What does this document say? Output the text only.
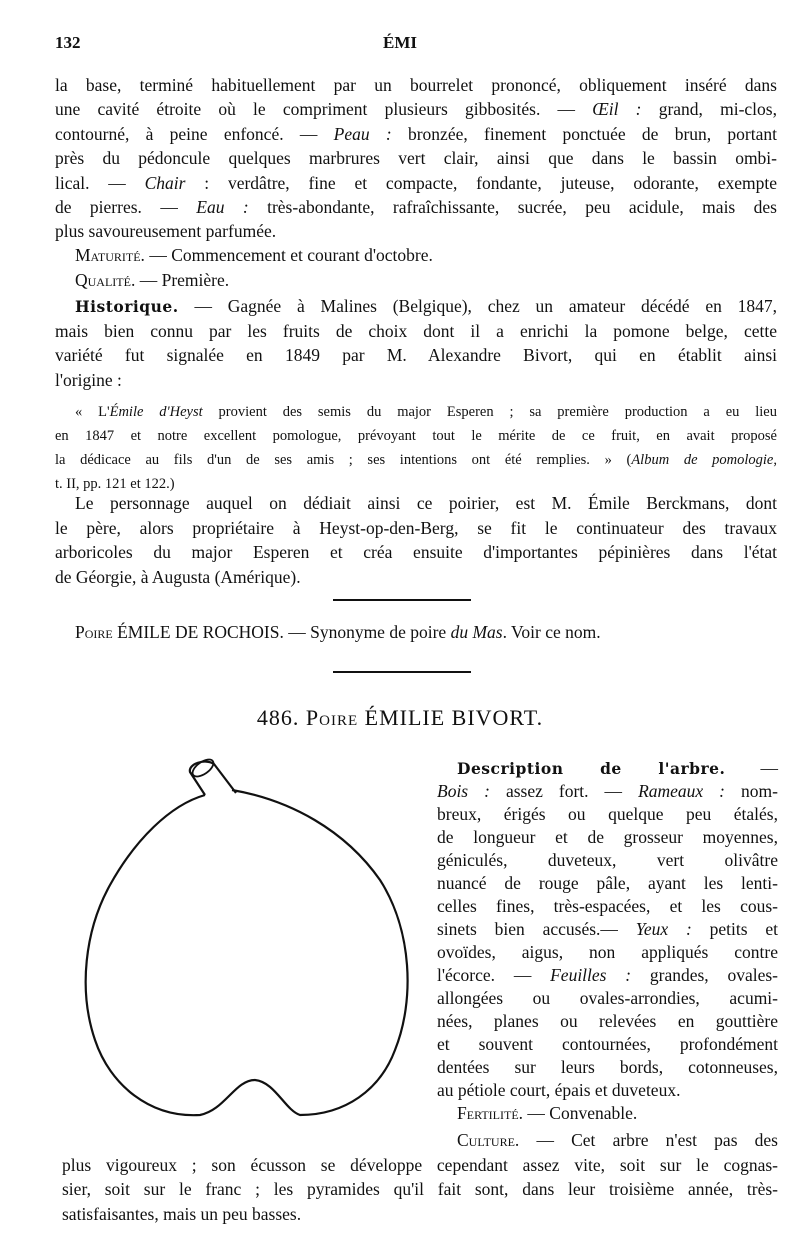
132	ÉMI
486. Poire ÉMILIE BIVORT.
la base, terminé habituellement par un bourrelet prononcé, obliquement inséré dans
une cavité étroite où le compriment plusieurs gibbosités. — Œil : grand, mi-clos,
contourné, à peine enfoncé. — Peau : bronzée, finement ponctuée de brun, portant
près du pédoncule quelques marbrures vert clair, ainsi que dans le bassin ombi-
lical. — Chair : verdâtre, fine et compacte, fondante, juteuse, odorante, exempte
de pierres. — Eau : très-abondante, rafraîchissante, sucrée, peu acidule, mais des
plus savoureusement parfumée.
Maturité. — Commencement et courant d'octobre.
Qualité. — Première.
Historique. — Gagnée à Malines (Belgique), chez un amateur décédé en 1847,
mais bien connu par les fruits de choix dont il a enrichi la pomone belge, cette
variété fut signalée en 1849 par M. Alexandre Bivort, qui en établit ainsi
l'origine :
« L'Émile d'Heyst provient des semis du major Esperen ; sa première production a eu lieu
en 1847 et notre excellent pomologue, prévoyant tout le mérite de ce fruit, en avait proposé
la dédicace au fils d'un de ses amis ; ses intentions ont été remplies. » (Album de pomologie,
t. II, pp. 121 et 122.)
Le personnage auquel on dédiait ainsi ce poirier, est M. Émile Berckmans, dont
le père, alors propriétaire à Heyst-op-den-Berg, se fit le continuateur des travaux
arboricoles du major Esperen et créa ensuite d'importantes pépinières dans l'état
de Géorgie, à Augusta (Amérique).
Poire ÉMILE DE ROCHOIS. — Synonyme de poire du Mas. Voir ce nom.
Description de l'arbre. —
Bois : assez fort. — Rameaux : nom-
breux, érigés ou quelque peu étalés,
de longueur et de grosseur moyennes,
géniculés, duveteux, vert olivâtre
nuancé de rouge pâle, ayant les lenti-
celles fines, très-espacées, et les cous-
sinets bien accusés.— Yeux : petits et
ovoïdes, aigus, non appliqués contre
l'écorce. — Feuilles : grandes, ovales-
allongées ou ovales-arrondies, acumi-
nées, planes ou relevées en gouttière
et souvent contournées, profondément
dentées sur leurs bords, cotonneuses,
au pétiole court, épais et duveteux.
Fertilité. — Convenable.
Culture. — Cet arbre n'est pas des
plus vigoureux ; son écusson se développe cependant assez vite, soit sur le cognas-
sier, soit sur le franc ; les pyramides qu'il fait sont, dans leur troisième année, très-
satisfaisantes, mais un peu basses.
